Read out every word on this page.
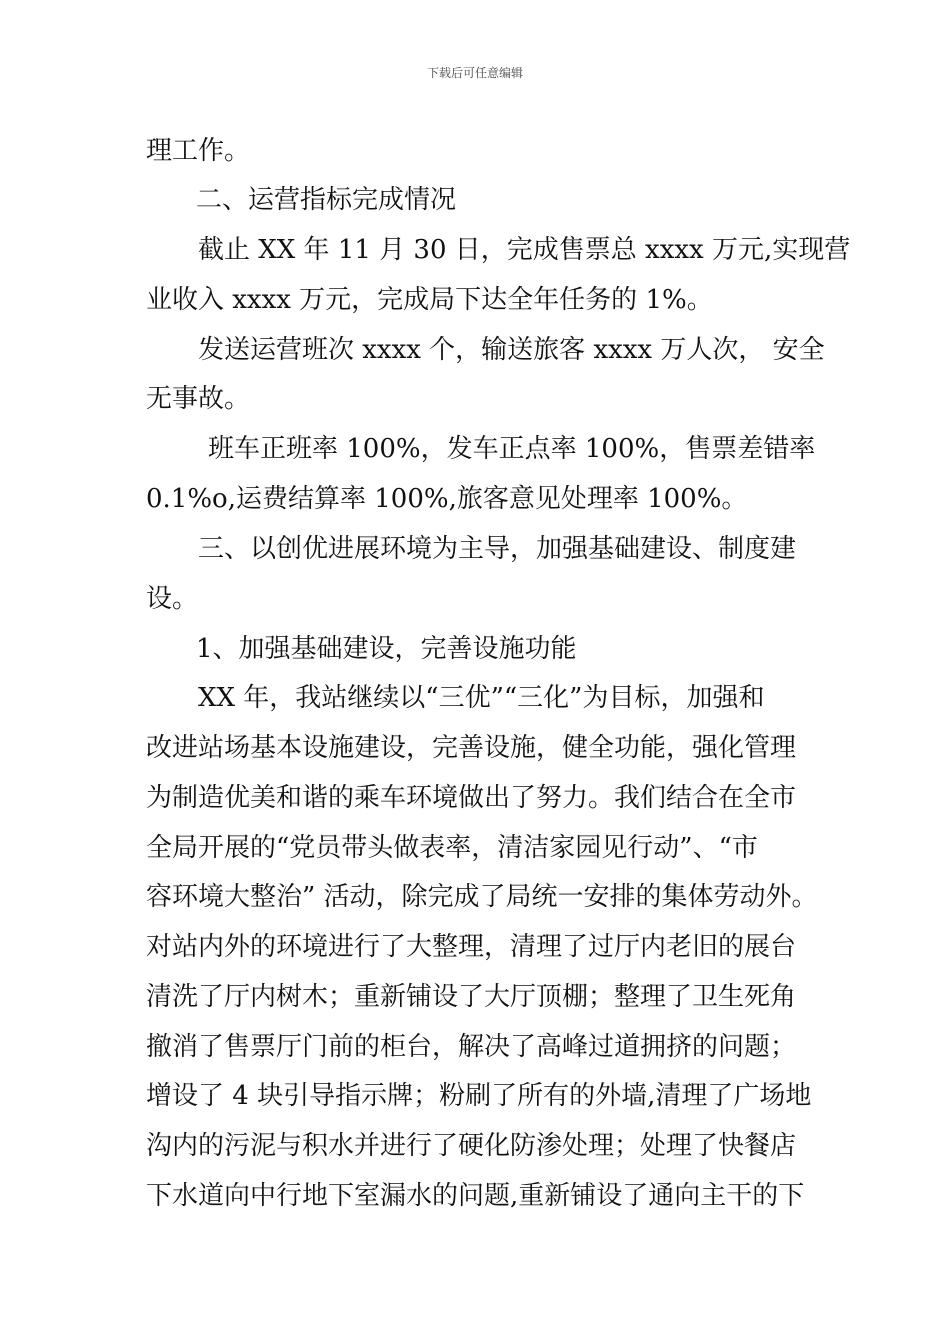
下载后可任意编辑
理工作。
二、运营指标完成情况
截止 XX 年 11 月 30 日，完成售票总 xxxx 万元,实现营
业收入 xxxx 万元，完成局下达全年任务的 1%。
发送运营班次 xxxx 个，输送旅客 xxxx 万人次， 安全
无事故。
班车正班率 100%，发车正点率 100%，售票差错率
0.1%o,运费结算率 100%,旅客意见处理率 100%。
三、以创优进展环境为主导，加强基础建设、制度建
设。
1、加强基础建设，完善设施功能
XX 年，我站继续以“三优”“三化”为目标，加强和
改进站场基本设施建设，完善设施，健全功能，强化管理
为制造优美和谐的乘车环境做出了努力。我们结合在全市
全局开展的“党员带头做表率，清洁家园见行动”、“市
容环境大整治” 活动，除完成了局统一安排的集体劳动外。
对站内外的环境进行了大整理，清理了过厅内老旧的展台
清洗了厅内树木；重新铺设了大厅顶棚；整理了卫生死角
撤消了售票厅门前的柜台，解决了高峰过道拥挤的问题；
增设了 4 块引导指示牌；粉刷了所有的外墙,清理了广场地
沟内的污泥与积水并进行了硬化防渗处理；处理了快餐店
下水道向中行地下室漏水的问题,重新铺设了通向主干的下
